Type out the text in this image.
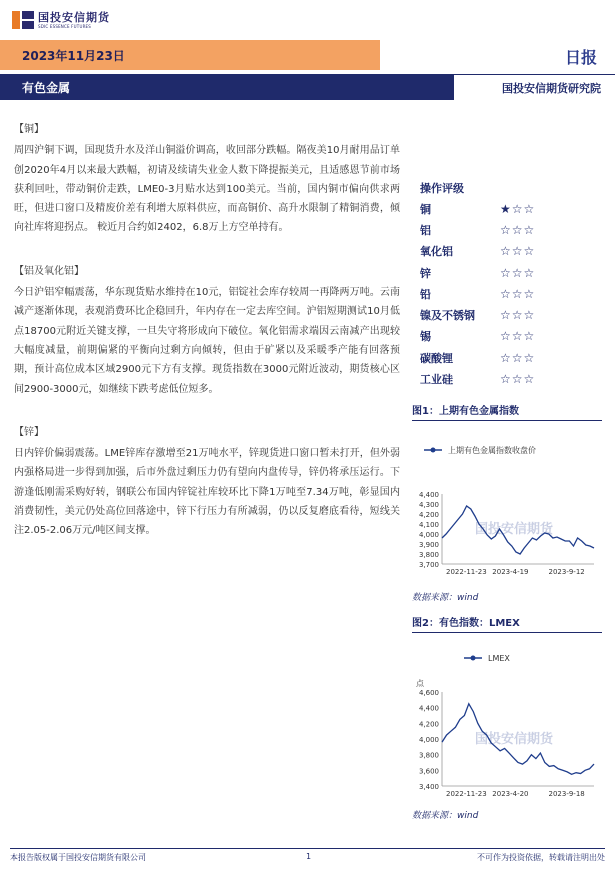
国投安信期货
SDIC ESSENCE FUTURES
2023年11月23日	日报
有色金属	国投安信期货研究院

【铜】

周四沪铜下调，国现货升水及洋山铜溢价调高，收回部分跌幅。隔夜美10月耐用品订单创2020年4月以来最大跌幅，初请及续请失业金人数下降提振美元，且适感恩节前市场获利回吐，带动铜价走跌，LME0-3月贴水达到100美元。当前，国内铜市偏向供求两旺，但进口窗口及精废价差有利增大原料供应，而高铜价、高升水限制了精铜消费，倾向社库将迎拐点。 較近月合约如2402，6.8万上方空单持有。

【铝及氧化铝】

今日沪铝窄幅震荡，华东现货贴水维持在10元，铝锭社会库存较周一再降两万吨。云南减产逐渐体现，表观消费环比企稳回升，年内存在一定去库空间。沪铝短期测试10月低点18700元附近关键支撑，一旦失守将形成向下破位。氧化铝需求端因云南减产出现较大幅度减量，前期偏紧的平衡向过剩方向倾转，但由于矿紧以及采暖季产能有回落预期，预计高位成本区域2900元下方有支撑。现货指数在3000元附近波动，期货核心区间2900-3000元，如继续下跌考虑低位短多。

【锌】

日内锌价偏弱震荡。LME锌库存激增至21万吨水平，锌现货进口窗口暂未打开，但外弱内强格局进一步得到加强，后市外盘过剩压力仍有望向内盘传导，锌仍将承压运行。下游逢低刚需采购好转，钢联公布国内锌锭社库较环比下降1万吨至7.34万吨，彰显国内消费韧性，美元仍处高位回落途中，锌下行压力有所减弱，仍以反复磨底看待，短线关注2.05-2.06万元/吨区间支撑。

操作评级
铜	★☆☆
铝	☆☆☆
氧化铝	☆☆☆
锌	☆☆☆
铅	☆☆☆
镍及不锈钢	☆☆☆
锡	☆☆☆
碳酸锂	☆☆☆
工业硅	☆☆☆
图1：上期有色金属指数
国投安信期货
上期有色金属指数收盘价
4,400
4,300
4,200
4,100
4,000
3,900
3,800
3,700
2022-11-23 2023-4-19	2023-9-12
数据来源：wind
图2：有色指数：LMEX
国投安信期货
LMEX
点
4,600
4,400
4,200
4,000
3,800
3,600
3,400
2022-11-23 2023-4-20	2023-9-18
数据来源：wind
本报告版权属于国投安信期货有限公司	1	不可作为投资依据，转载请注明出处
